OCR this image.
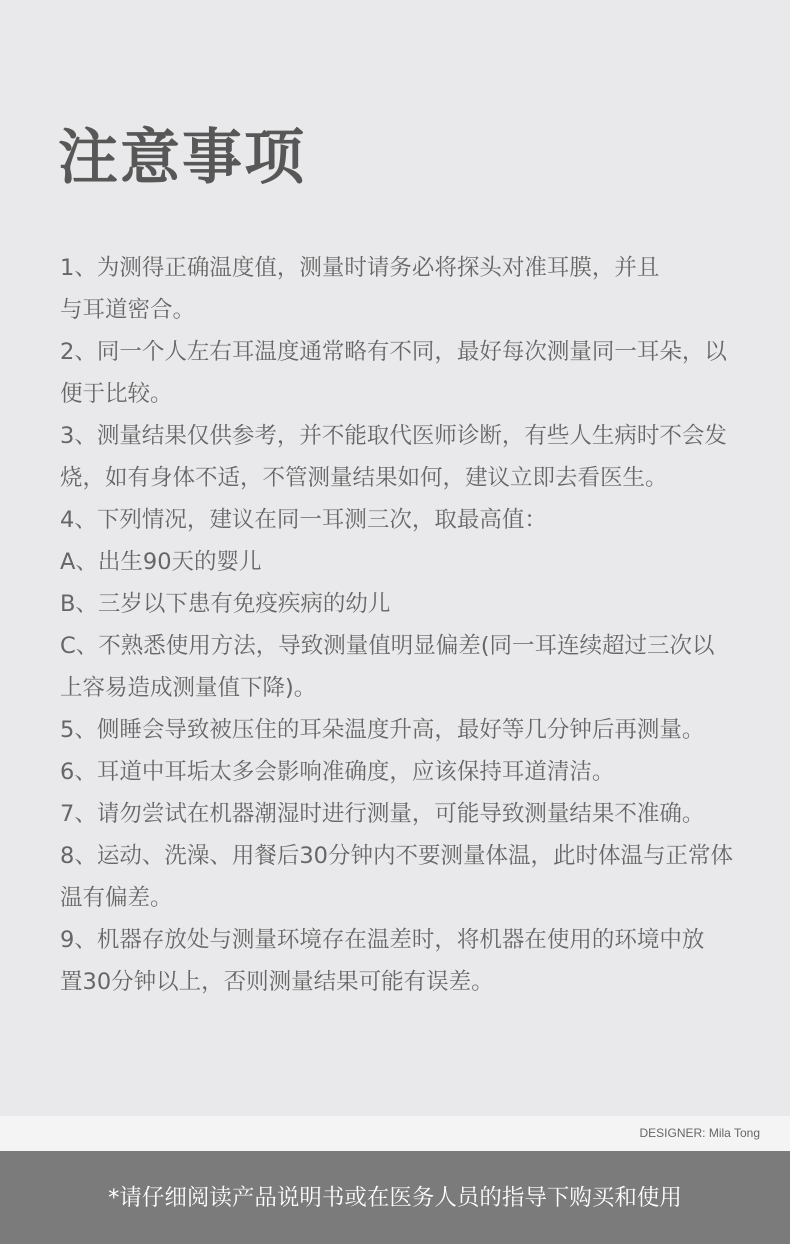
注意事项
1、为测得正确温度值，测量时请务必将探头对准耳膜，并且
与耳道密合。
2、同一个人左右耳温度通常略有不同，最好每次测量同一耳朵，以
便于比较。
3、测量结果仅供参考，并不能取代医师诊断，有些人生病时不会发
烧，如有身体不适，不管测量结果如何，建议立即去看医生。
4、下列情况，建议在同一耳测三次，取最高值：
A、出生90天的婴儿
B、三岁以下患有免疫疾病的幼儿
C、不熟悉使用方法，导致测量值明显偏差(同一耳连续超过三次以
上容易造成测量值下降)。
5、侧睡会导致被压住的耳朵温度升高，最好等几分钟后再测量。
6、耳道中耳垢太多会影响准确度，应该保持耳道清洁。
7、请勿尝试在机器潮湿时进行测量，可能导致测量结果不准确。
8、运动、洗澡、用餐后30分钟内不要测量体温，此时体温与正常体
温有偏差。
9、机器存放处与测量环境存在温差时，将机器在使用的环境中放
置30分钟以上，否则测量结果可能有误差。
DESIGNER: Mila Tong
*请仔细阅读产品说明书或在医务人员的指导下购买和使用
